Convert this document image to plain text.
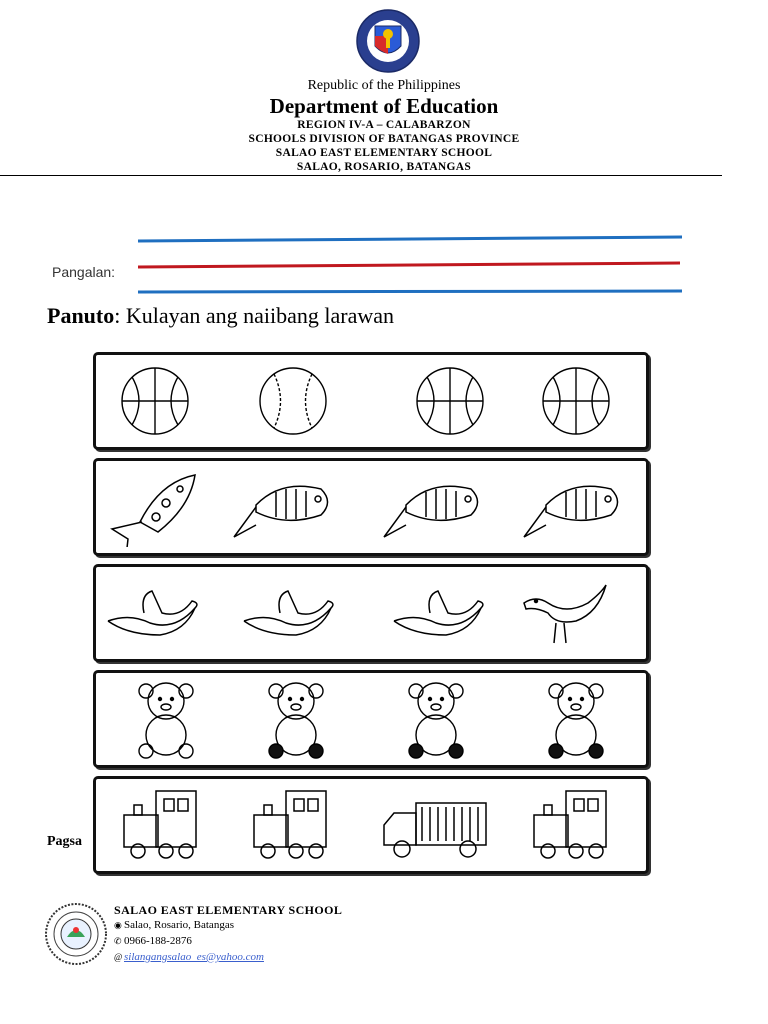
Republic of the Philippines
Department of Education
REGION IV-A – CALABARZON
SCHOOLS DIVISION OF BATANGAS PROVINCE
SALAO EAST ELEMENTARY SCHOOL
SALAO, ROSARIO, BATANGAS
Pangalan:
Panuto: Kulayan ang naiibang larawan
Pagsa
SALAO EAST ELEMENTARY SCHOOL
◉ Salao, Rosario, Batangas
✆ 0966-188-2876
@ silangangsalao_es@yahoo.com
